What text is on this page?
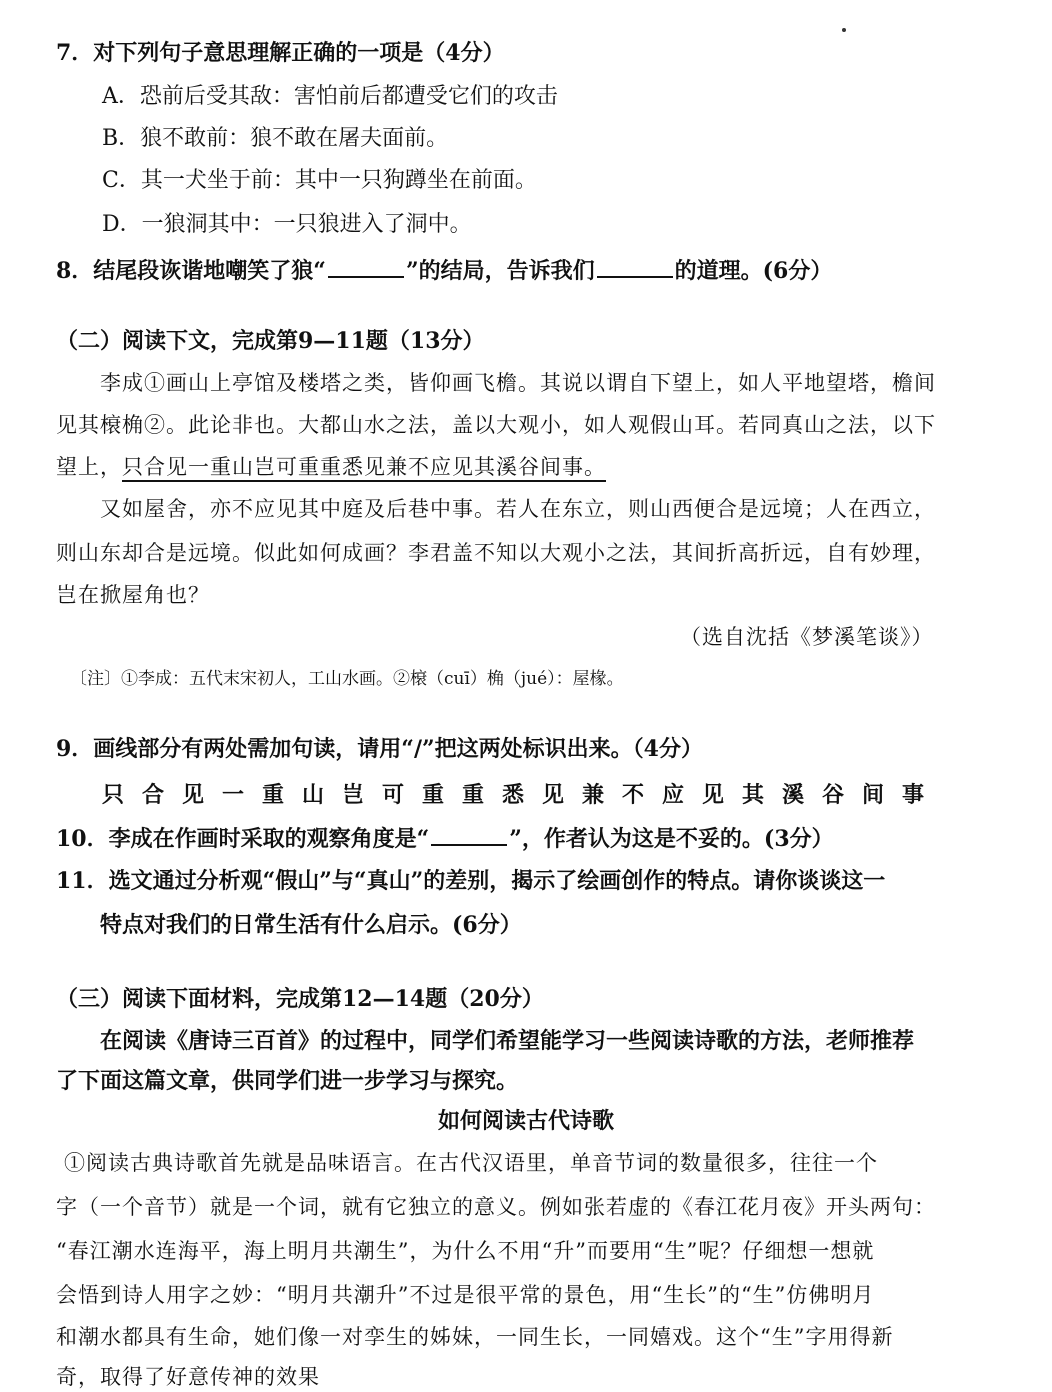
7．对下列句子意思理解正确的一项是（4分）
A．恐前后受其敌：害怕前后都遭受它们的攻击
B．狼不敢前：狼不敢在屠夫面前。
C．其一犬坐于前：其中一只狗蹲坐在前面。
D．一狼洞其中：一只狼进入了洞中。
8．结尾段诙谐地嘲笑了狼“	”的结局，告诉我们	的道理。(6分）
（二）阅读下文，完成第9—11题（13分）
李成①画山上亭馆及楼塔之类，皆仰画飞檐。其说以谓自下望上，如人平地望塔，檐间
见其榱桷②。此论非也。大都山水之法，盖以大观小，如人观假山耳。若同真山之法，以下
望上，只合见一重山岂可重重悉见兼不应见其溪谷间事。
又如屋舍，亦不应见其中庭及后巷中事。若人在东立，则山西便合是远境；人在西立，
则山东却合是远境。似此如何成画？李君盖不知以大观小之法，其间折高折远，自有妙理，
岂在掀屋角也？
（选自沈括《梦溪笔谈》）
〔注〕①李成：五代末宋初人，工山水画。②榱（cuī）桷（jué）：屋椽。
9．画线部分有两处需加句读，请用“/”把这两处标识出来。（4分）
只合见一重山岂可重重悉见兼不应见其溪谷间事
10．李成在作画时采取的观察角度是“	”，作者认为这是不妥的。(3分）
11．选文通过分析观“假山”与“真山”的差别，揭示了绘画创作的特点。请你谈谈这一
特点对我们的日常生活有什么启示。(6分）
（三）阅读下面材料，完成第12—14题（20分）
在阅读《唐诗三百首》的过程中，同学们希望能学习一些阅读诗歌的方法，老师推荐
了下面这篇文章，供同学们进一步学习与探究。
如何阅读古代诗歌
①阅读古典诗歌首先就是品味语言。在古代汉语里，单音节词的数量很多，往往一个
字（一个音节）就是一个词，就有它独立的意义。例如张若虚的《春江花月夜》开头两句：
“春江潮水连海平，海上明月共潮生”，为什么不用“升”而要用“生”呢？仔细想一想就
会悟到诗人用字之妙：“明月共潮升”不过是很平常的景色，用“生长”的“生”仿佛明月
和潮水都具有生命，她们像一对孪生的姊妹，一同生长，一同嬉戏。这个“生”字用得新
奇，取得了好意传神的效果
